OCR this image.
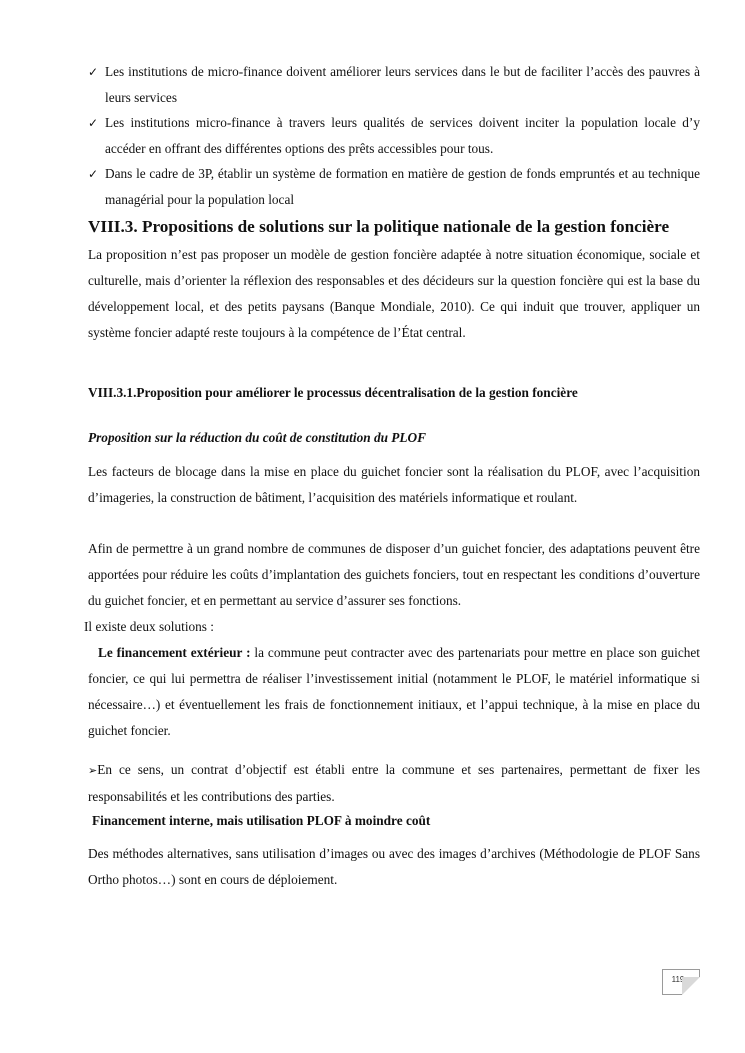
✓ Les institutions de micro-finance doivent améliorer leurs services dans le but de faciliter l’accès des pauvres à leurs services
✓ Les institutions micro-finance à travers leurs qualités de services doivent inciter la population locale d’y accéder en offrant des différentes options des prêts accessibles pour tous.
✓ Dans le cadre de 3P, établir un système de formation en matière de gestion de fonds empruntés et au technique managérial pour la population local
VIII.3. Propositions de solutions sur la politique nationale de la gestion foncière
La proposition n’est pas proposer un modèle de gestion foncière adaptée à notre situation économique, sociale et culturelle, mais d’orienter la réflexion des responsables et des décideurs sur la question foncière qui est la base du développement local, et des petits paysans (Banque Mondiale, 2010). Ce qui induit que trouver, appliquer un système foncier adapté reste toujours à la compétence de l’État central.
VIII.3.1.Proposition pour améliorer le processus décentralisation de la gestion foncière
Proposition sur la réduction du coût de constitution du PLOF
Les facteurs de blocage dans la mise en place du guichet foncier sont la réalisation du PLOF, avec l’acquisition d’imageries, la construction de bâtiment, l’acquisition des matériels informatique et roulant.
Afin de permettre à un grand nombre de communes de disposer d’un guichet foncier, des adaptations peuvent être apportées pour réduire les coûts d’implantation des guichets fonciers, tout en respectant les conditions d’ouverture du guichet foncier, et en permettant au service d’assurer ses fonctions.
Il existe deux solutions :
Le financement extérieur : la commune peut contracter avec des partenariats pour mettre en place son guichet foncier, ce qui lui permettra de réaliser l’investissement initial (notamment le PLOF, le matériel informatique si nécessaire…) et éventuellement les frais de fonctionnement initiaux, et l’appui technique, à la mise en place du guichet foncier.
➢En ce sens, un contrat d’objectif est établi entre la commune et ses partenaires, permettant de fixer les responsabilités et les contributions des parties.
Financement interne, mais utilisation PLOF à moindre coût
Des méthodes alternatives, sans utilisation d’images ou avec des images d’archives (Méthodologie de PLOF Sans Ortho photos…) sont en cours de déploiement.
119
